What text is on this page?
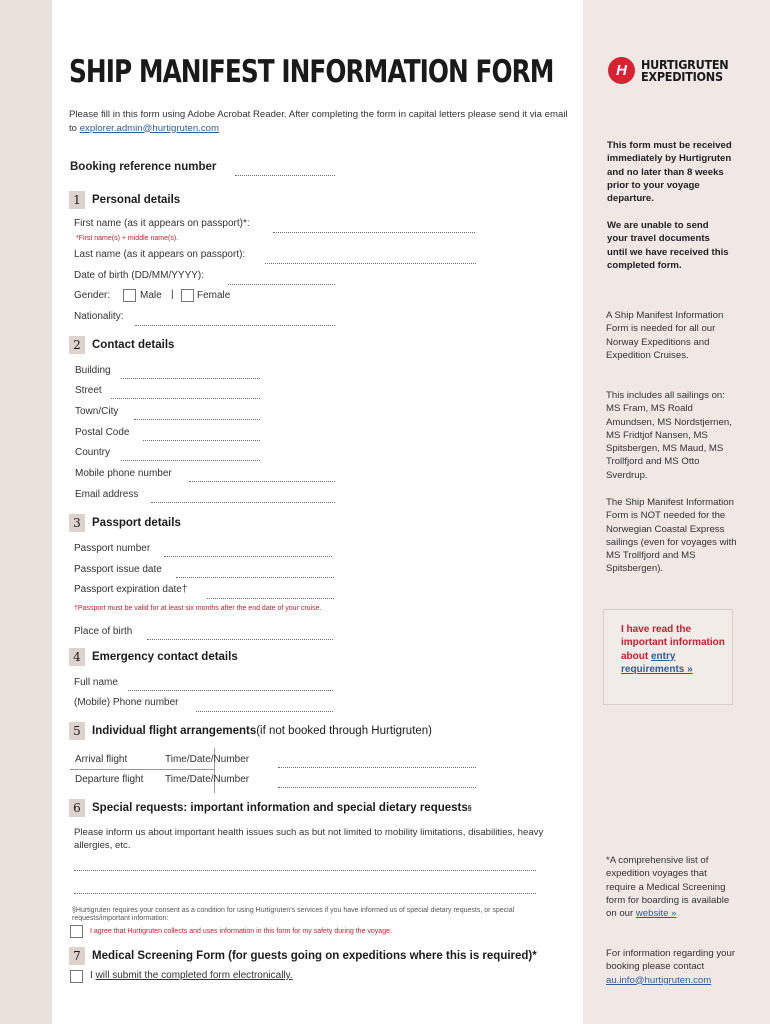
SHIP MANIFEST INFORMATION FORM
Please fill in this form using Adobe Acrobat Reader. After completing the form in capital letters please send it via email to explorer.admin@hurtigruten.com
Booking reference number
1 Personal details
First name (as it appears on passport)*:
*First name(s) + middle name(s).
Last name (as it appears on passport):
Date of birth (DD/MM/YYYY):
Gender:	Male | Female
Nationality:
2 Contact details
Building
Street
Town/City
Postal Code
Country
Mobile phone number
Email address
3 Passport details
Passport number
Passport issue date
Passport expiration date†
†Passport must be valid for at least six months after the end date of your cruise.
Place of birth
4 Emergency contact details
Full name
(Mobile) Phone number
5 Individual flight arrangements (if not booked through Hurtigruten)
Arrival flight	Time/Date/Number
Departure flight Time/Date/Number
6 Special requests: important information and special dietary requests §
Please inform us about important health issues such as but not limited to mobility limitations, disabilities, heavy allergies, etc.
§Hurtigruten requires your consent as a condition for using Hurtigruten's services if you have informed us of special dietary requests, or special requests/important information:
I agree that Hurtigruten collects and uses information in this form for my safety during the voyage.
7 Medical Screening Form (for guests going on expeditions where this is required)*
I will submit the completed form electronically.
H	HURTIGRUTEN
EXPEDITIONS
This form must be received immediately by Hurtigruten and no later than 8 weeks prior to your voyage departure.
We are unable to send your travel documents until we have received this completed form.
A Ship Manifest Information Form is needed for all our Norway Expeditions and Expedition Cruises.
This includes all sailings on: MS Fram, MS Roald Amundsen, MS Nordstjernen, MS Fridtjof Nansen, MS Spitsbergen, MS Maud, MS Trollfjord and MS Otto Sverdrup.
The Ship Manifest Information Form is NOT needed for the Norwegian Coastal Express sailings (even for voyages with MS Trollfjord and MS Spitsbergen).
I have read the important information about entry requirements »
*A comprehensive list of expedition voyages that require a Medical Screening form for boarding is available on our website »
For information regarding your booking please contact au.info@hurtigruten.com
